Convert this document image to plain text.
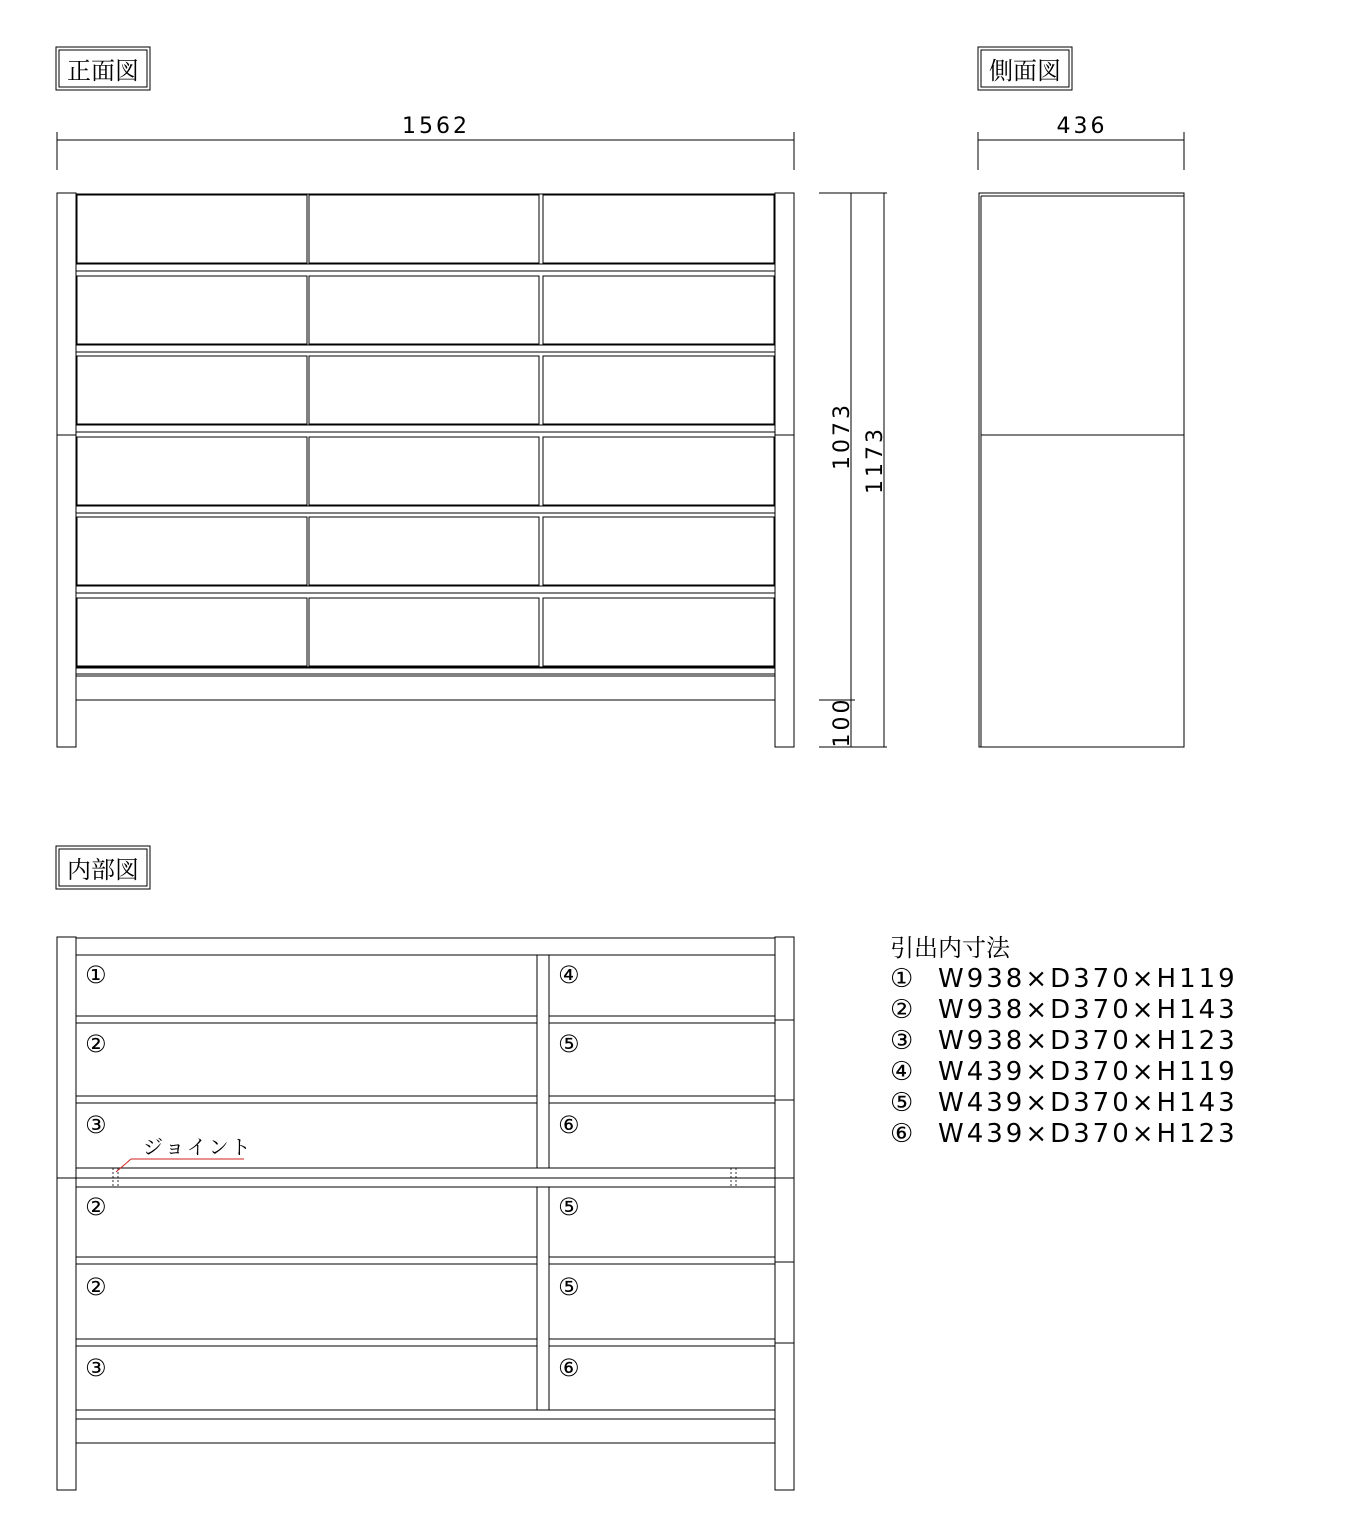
正面図
1562
1073 1173
100
側面図
436
内部図
①
②
③
④
⑤
⑥
②
②
③
⑤
⑤
⑥
ジョイント
引出内寸法
① W938×D370×H119
② W938×D370×H143
③ W938×D370×H123
④ W439×D370×H119
⑤ W439×D370×H143
⑥ W439×D370×H123
